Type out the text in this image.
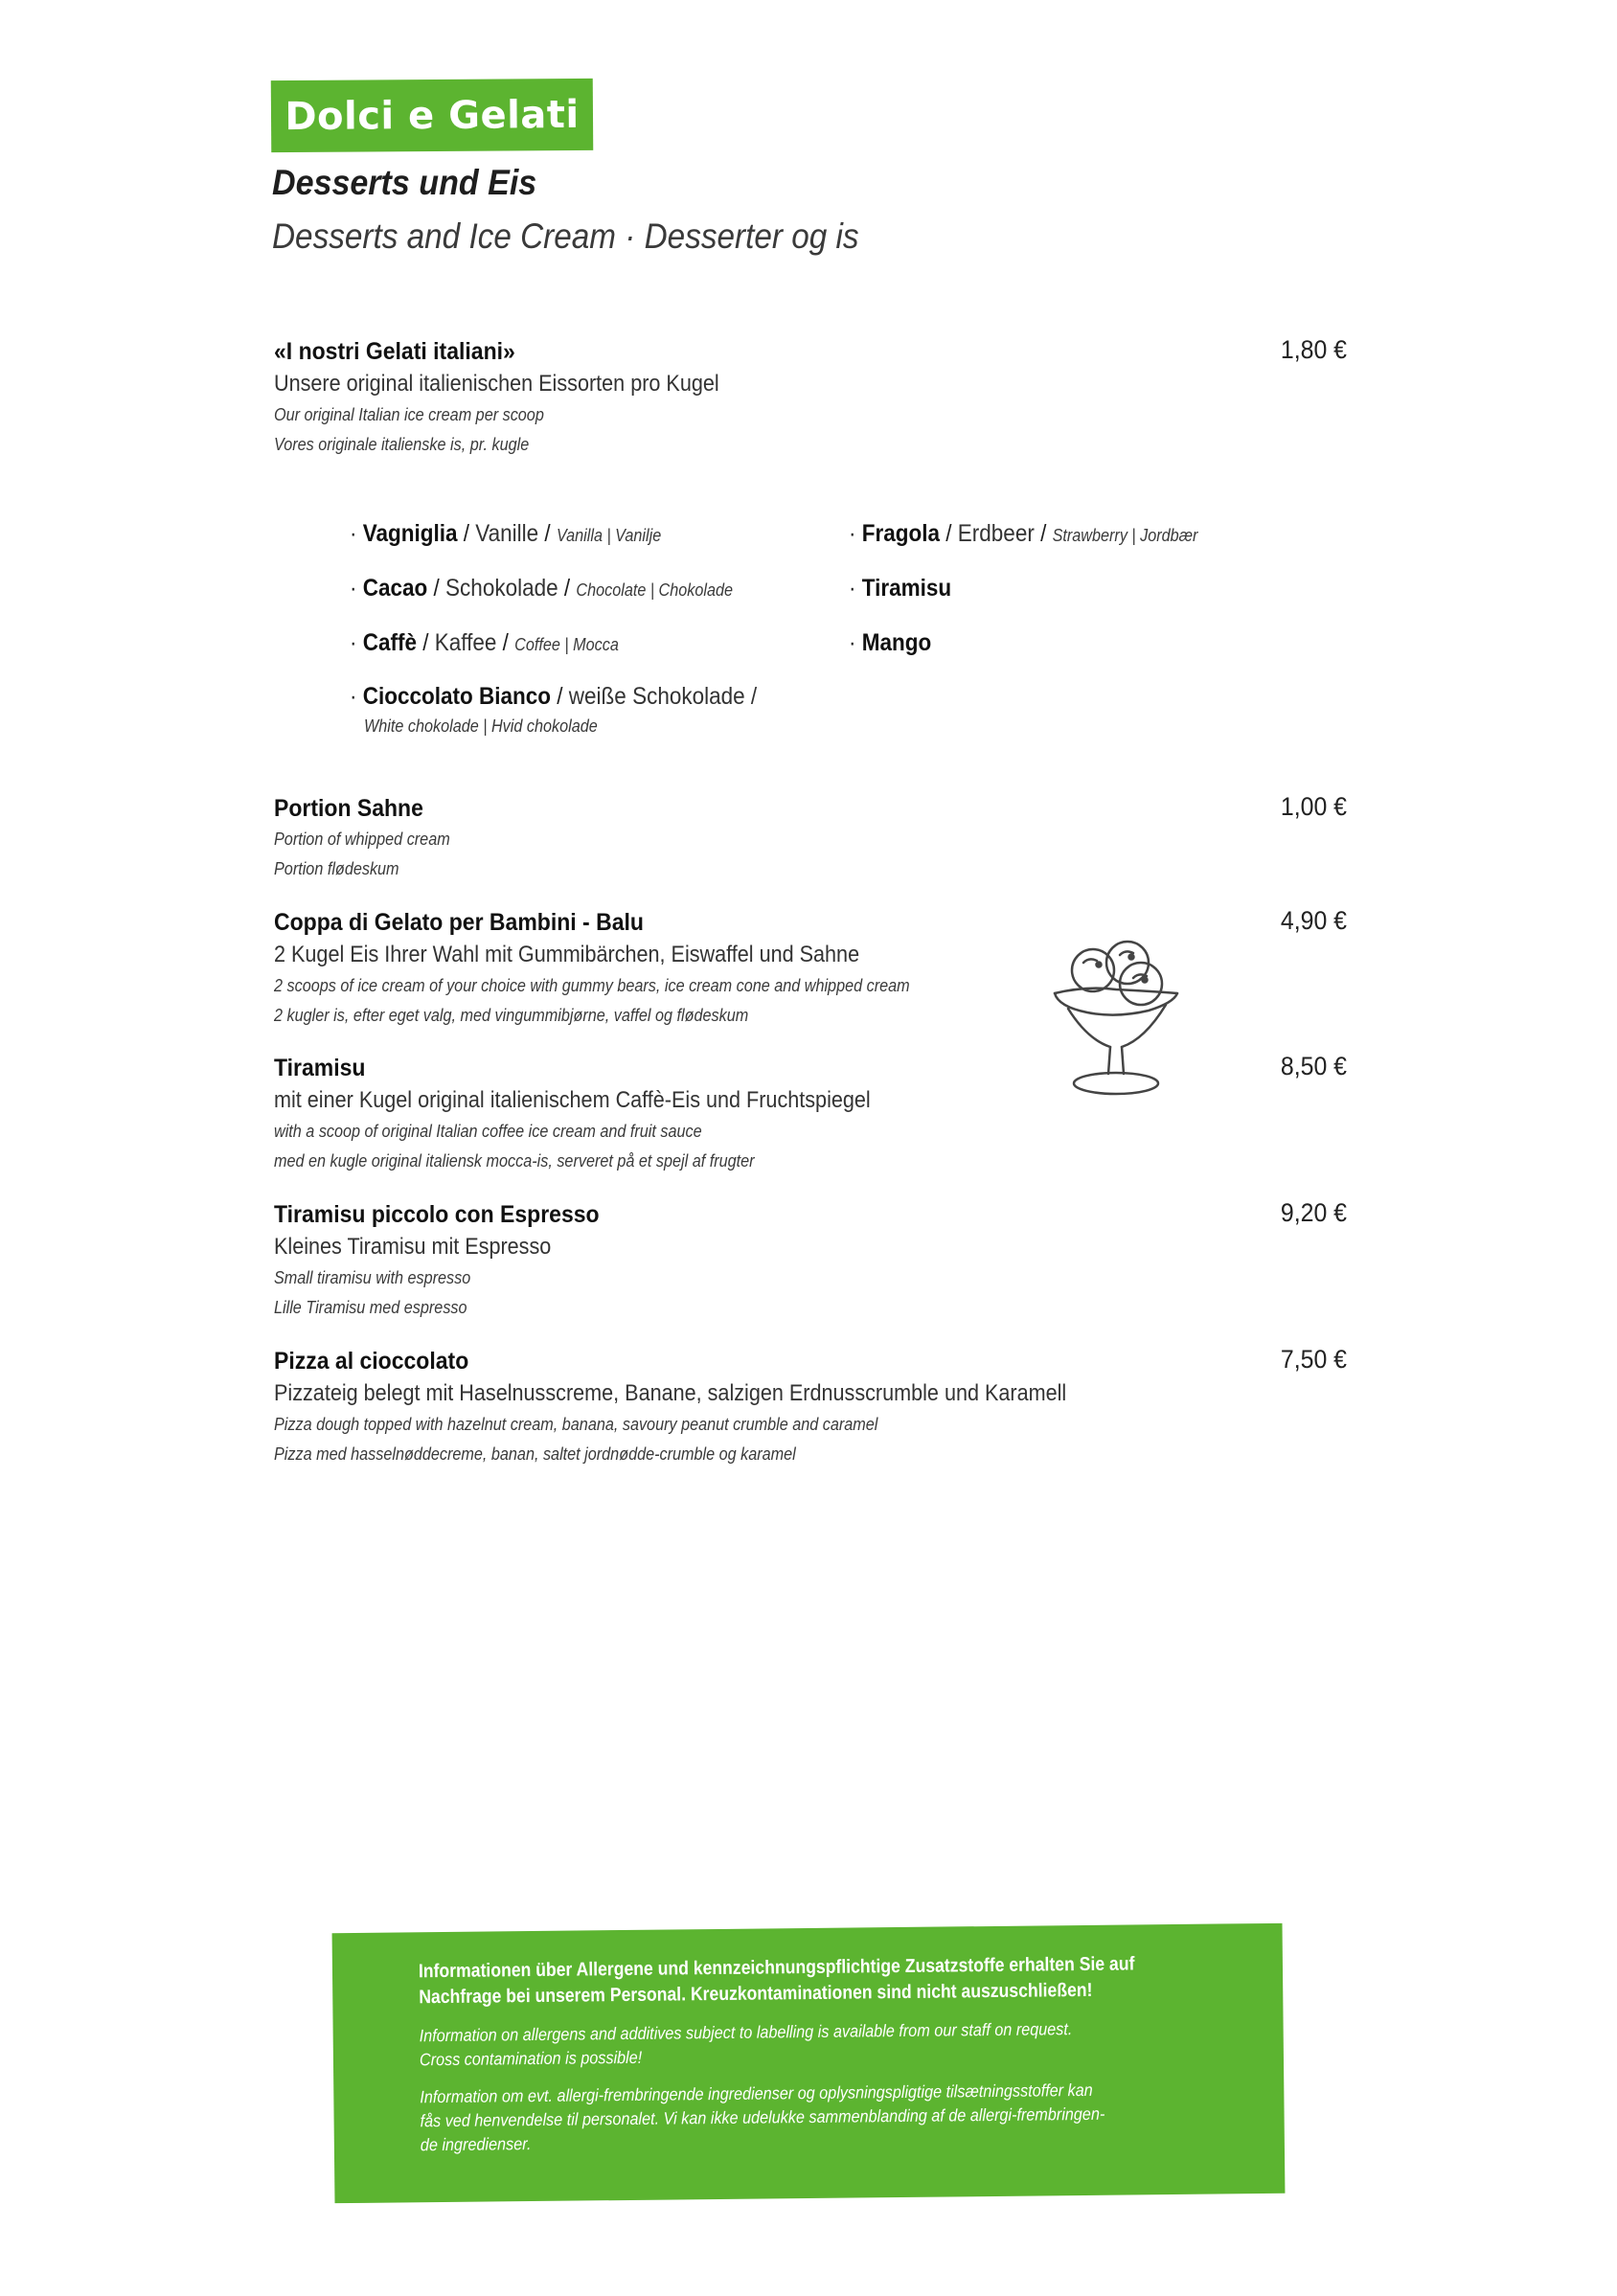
Dolci e Gelati
Desserts und Eis
Desserts and Ice Cream · Desserter og is
«I nostri Gelati italiani»
Unsere original italienischen Eissorten pro Kugel
Our original Italian ice cream per scoop
Vores originale italienske is, pr. kugle
1,80 €
· Vagniglia / Vanille / Vanilla | Vanilje
· Cacao / Schokolade / Chocolate | Chokolade
· Caffè / Kaffee / Coffee | Mocca
· Cioccolato Bianco / weiße Schokolade /
White chokolade | Hvid chokolade
· Fragola / Erdbeer / Strawberry | Jordbær
· Tiramisu
· Mango
Portion Sahne
Portion of whipped cream
Portion flødeskum
1,00 €
Coppa di Gelato per Bambini - Balu
2 Kugel Eis Ihrer Wahl mit Gummibärchen, Eiswaffel und Sahne
2 scoops of ice cream of your choice with gummy bears, ice cream cone and whipped cream
2 kugler is, efter eget valg, med vingummibjørne, vaffel og flødeskum
4,90 €
Tiramisu
mit einer Kugel original italienischem Caffè-Eis und Fruchtspiegel
with a scoop of original Italian coffee ice cream and fruit sauce
med en kugle original italiensk mocca-is, serveret på et spejl af frugter
8,50 €
Tiramisu piccolo con Espresso
Kleines Tiramisu mit Espresso
Small tiramisu with espresso
Lille Tiramisu med espresso
9,20 €
Pizza al cioccolato
Pizzateig belegt mit Haselnusscreme, Banane, salzigen Erdnusscrumble und Karamell
Pizza dough topped with hazelnut cream, banana, savoury peanut crumble and caramel
Pizza med hasselnøddecreme, banan, saltet jordnødde-crumble og karamel
7,50 €
Informationen über Allergene und kennzeichnungspflichtige Zusatzstoffe erhalten Sie auf
Nachfrage bei unserem Personal. Kreuzkontaminationen sind nicht auszuschließen!
Information on allergens and additives subject to labelling is available from our staff on request.
Cross contamination is possible!
Information om evt. allergi-frembringende ingredienser og oplysningspligtige tilsætningsstoffer kan
fås ved henvendelse til personalet. Vi kan ikke udelukke sammenblanding af de allergi-frembringen-
de ingredienser.
